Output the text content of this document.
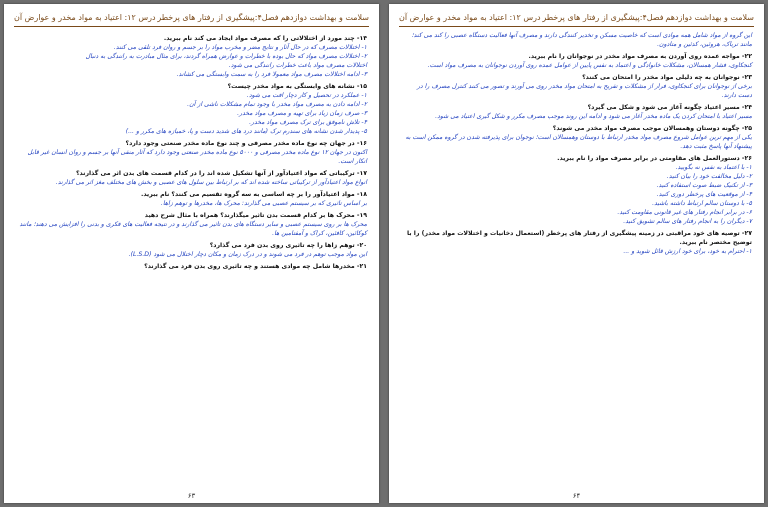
سلامت و بهداشت دوازدهم
فصل۴:پیشگیری از رفتار های پرخطر
درس ۱۲: اعتیاد به مواد مخدر و عوارض آن
۱۴- چند مورد از اختلالاتی را که مصرف مواد ایجاد می کند نام ببرید.
۱- اختلالات مصرف که در حال آثار و نتایج مضر و مخرب مواد را بر جسم و روان فرد تلقی می کنند.
۲- اختلالات مصرف مواد که حال بوده با خطرات و عوارض همراه گردند، برای مثال مبادرت به رانندگی به دنبال
اختلالات مصرف مواد باعث خطرات رانندگی می شود.
۳- ادامه اختلالات مصرف مواد معمولا فرد را به سمت وابستگی می کشاند.
۱۵- نشانه های وابستگی به مواد مخدر چیست؟
۱- عملکرد در تحصیل و کار دچار افت می شود.
۲- ادامه دادن به مصرف مواد مخدر با وجود تمام مشکلات ناشی از آن.
۳- صرف زمان زیاد برای تهیه و مصرف مواد مخدر.
۴- تلاش ناموفق برای ترک مصرف مواد مخدر.
۵- پدیدار شدن نشانه های سندرم ترک (مانند درد های شدید دست و پا، خمیازه های مکرر و ...)
۱۶- در جهان چه نوع ماده مخدر مصرفی و چند نوع ماده مخدر صنعتی وجود دارد؟
اکنون در جهان ۱۲ نوع ماده مخدر مصرفی و ۵۰۰۰ نوع ماده مخدر صنعتی وجود دارد که آثار منفی آنها بر جسم و روان انسان غیر قابل انکار است.
۱۷- ترکیباتی که مواد اعتیادآور از آنها تشکیل شده اند را در کدام قسمت های بدن اثر می گذارند؟
انواع مواد اعتیادآور از ترکیباتی ساخته شده اند که بر ارتباط بین سلول های عصبی و بخش های مختلف مغز اثر می گذارند.
۱۸- مواد اعتیادآور را بر چه اساسی به سه گروه تقسیم می کنند؟ نام ببرید.
بر اساس تاثیری که بر سیستم عصبی می گذارند: محرک ها، مخدرها و توهم زاها.
۱۹- محرک ها بر کدام قسمت بدن تاثیر میگذارند؟ همراه با مثال شرح دهید
محرک ها بر روی سیستم عصبی و سایر دستگاه های بدن تاثیر می گذارند و در نتیجه فعالیت های فکری و بدنی را افزایش می دهند؛ مانند کوکائین، کافئین، کراک و آمفتامین ها.
۲۰- توهم زاها را چه تاثیری روی بدن فرد می گذارد؟
این مواد موجب توهم در فرد می شوند و در درک زمان و مکان دچار اختلال می شود (L.S.D).
۲۱- مخدرها شامل چه موادی هستند و چه تاثیری روی بدن فرد می گذارند؟
۶۳
سلامت و بهداشت دوازدهم
فصل۴:پیشگیری از رفتار های پرخطر
درس ۱۲: اعتیاد به مواد مخدر و عوارض آن
این گروه از مواد شامل همه موادی است که خاصیت مسکن و تخدیر کنندگی دارند و مصرف آنها فعالیت دستگاه عصبی را کند می کند؛ مانند تریاک، هروئین، کدئین و متادون.
۲۲- مواجه عمده روی آوردن به مصرف مواد مخدر در نوجوانان را نام ببرید.
کنجکاوی، فشار همسالان، مشکلات خانوادگی و اعتماد به نفس پایین از عوامل عمده روی آوردن نوجوانان به مصرف مواد است.
۲۳- نوجوانان به چه دلیلی مواد مخدر را امتحان می کنند؟
برخی از نوجوانان برای کنجکاوی، فرار از مشکلات و تفریح به امتحان مواد مخدر روی می آورند و تصور می کنند کنترل مصرف را در دست دارند.
۲۴- مسیر اعتیاد چگونه آغاز می شود و شکل می گیرد؟
مسیر اعتیاد با امتحان کردن یک ماده مخدر آغاز می شود و ادامه این روند موجب مصرف مکرر و شکل گیری اعتیاد می شود.
۲۵- چگونه دوستان وهمسالان موجب مصرف مواد مخدر می شوند؟
یکی از مهم ترین عوامل شروع مصرف مواد مخدر ارتباط با دوستان وهمسالان است؛ نوجوان برای پذیرفته شدن در گروه ممکن است به پیشنهاد آنها پاسخ مثبت دهد.
۲۶- دستورالعمل های مقاومتی در برابر مصرف مواد را نام ببرید.
۱- با اعتماد به نفس نه بگویید.
۲- دلیل مخالفت خود را بیان کنید.
۳- از تکنیک ضبط صوت استفاده کنید.
۴- از موقعیت های پرخطر دوری کنید.
۵- با دوستان سالم ارتباط داشته باشید.
۶- در برابر انجام رفتار های غیر قانونی مقاومت کنید.
۷- دیگران را به انجام رفتار های سالم تشویق کنید.
۲۷- توصیه های خود مراقبتی در زمینه پیشگیری از رفتار های پرخطر (استعمال دخانیات و اختلالات مواد مخدر) را با توضیح مختصر نام ببرید.
۱- احترام به خود، برای خود ارزش قائل شوید و ...
۶۴
